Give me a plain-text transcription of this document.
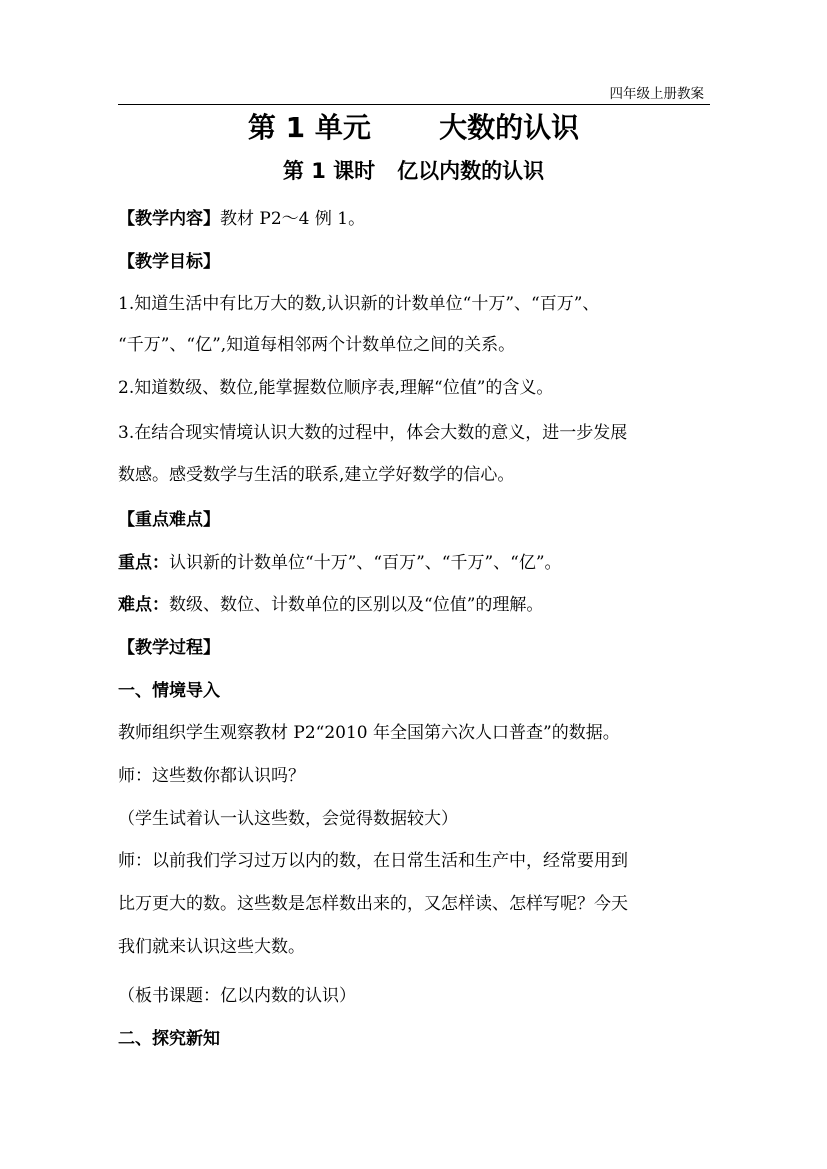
四年级上册教案
第 1 单元       大数的认识
第 1 课时   亿以内数的认识
【教学内容】教材 P2～4 例 1。
【教学目标】
1.知道生活中有比万大的数,认识新的计数单位“十万”、“百万”、
“千万”、“亿”,知道每相邻两个计数单位之间的关系。
2.知道数级、数位,能掌握数位顺序表,理解“位值”的含义。
3.在结合现实情境认识大数的过程中，体会大数的意义，进一步发展
数感。感受数学与生活的联系,建立学好数学的信心。
【重点难点】
重点：认识新的计数单位“十万”、“百万”、“千万”、“亿”。
难点：数级、数位、计数单位的区别以及“位值”的理解。
【教学过程】
一、情境导入
教师组织学生观察教材 P2“2010 年全国第六次人口普查”的数据。
师：这些数你都认识吗？
（学生试着认一认这些数，会觉得数据较大）
师：以前我们学习过万以内的数，在日常生活和生产中，经常要用到
比万更大的数。这些数是怎样数出来的，又怎样读、怎样写呢？今天
我们就来认识这些大数。
（板书课题：亿以内数的认识）
二、探究新知
